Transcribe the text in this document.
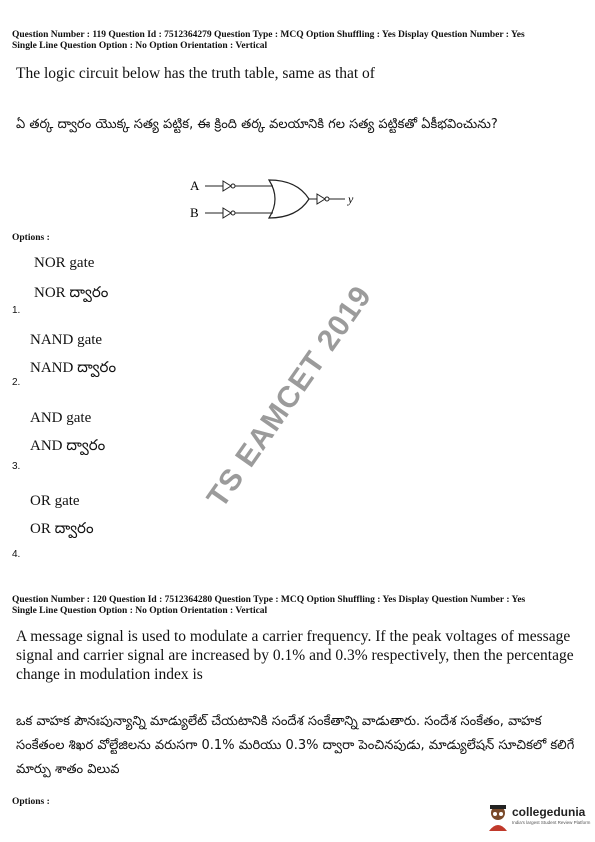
Question Number : 119 Question Id : 7512364279 Question Type : MCQ Option Shuffling : Yes Display Question Number : Yes
Single Line Question Option : No Option Orientation : Vertical
The logic circuit below has the truth table, same as that of
ఏ తర్క ద్వారం యొక్క సత్య పట్టిక, ఈ క్రింది తర్క వలయానికి గల సత్య పట్టికతో ఏకీభవించును?
A
B
y
Options :
NOR gate
NOR ద్వారం
1.
NAND gate
NAND ద్వారం
2.
AND gate
AND ద్వారం
3.
OR gate
OR ద్వారం
4.
TS EAMCET 2019
Question Number : 120 Question Id : 7512364280 Question Type : MCQ Option Shuffling : Yes Display Question Number : Yes
Single Line Question Option : No Option Orientation : Vertical
A message signal is used to modulate a carrier frequency. If the peak voltages of message signal and carrier signal are increased by 0.1% and 0.3% respectively, then the percentage change in modulation index is
ఒక వాహక పౌనఃపున్యాన్ని మాడ్యులేట్ చేయటానికి సందేశ సంకేతాన్ని వాడుతారు. సందేశ సంకేతం, వాహక సంకేతంల శిఖర వోల్టేజిలను వరుసగా 0.1% మరియు 0.3% ద్వారా పెంచినపుడు, మాడ్యులేషన్ సూచికలో కలిగే మార్పు శాతం విలువ
Options :
collegedunia
India's largest Student Review Platform
